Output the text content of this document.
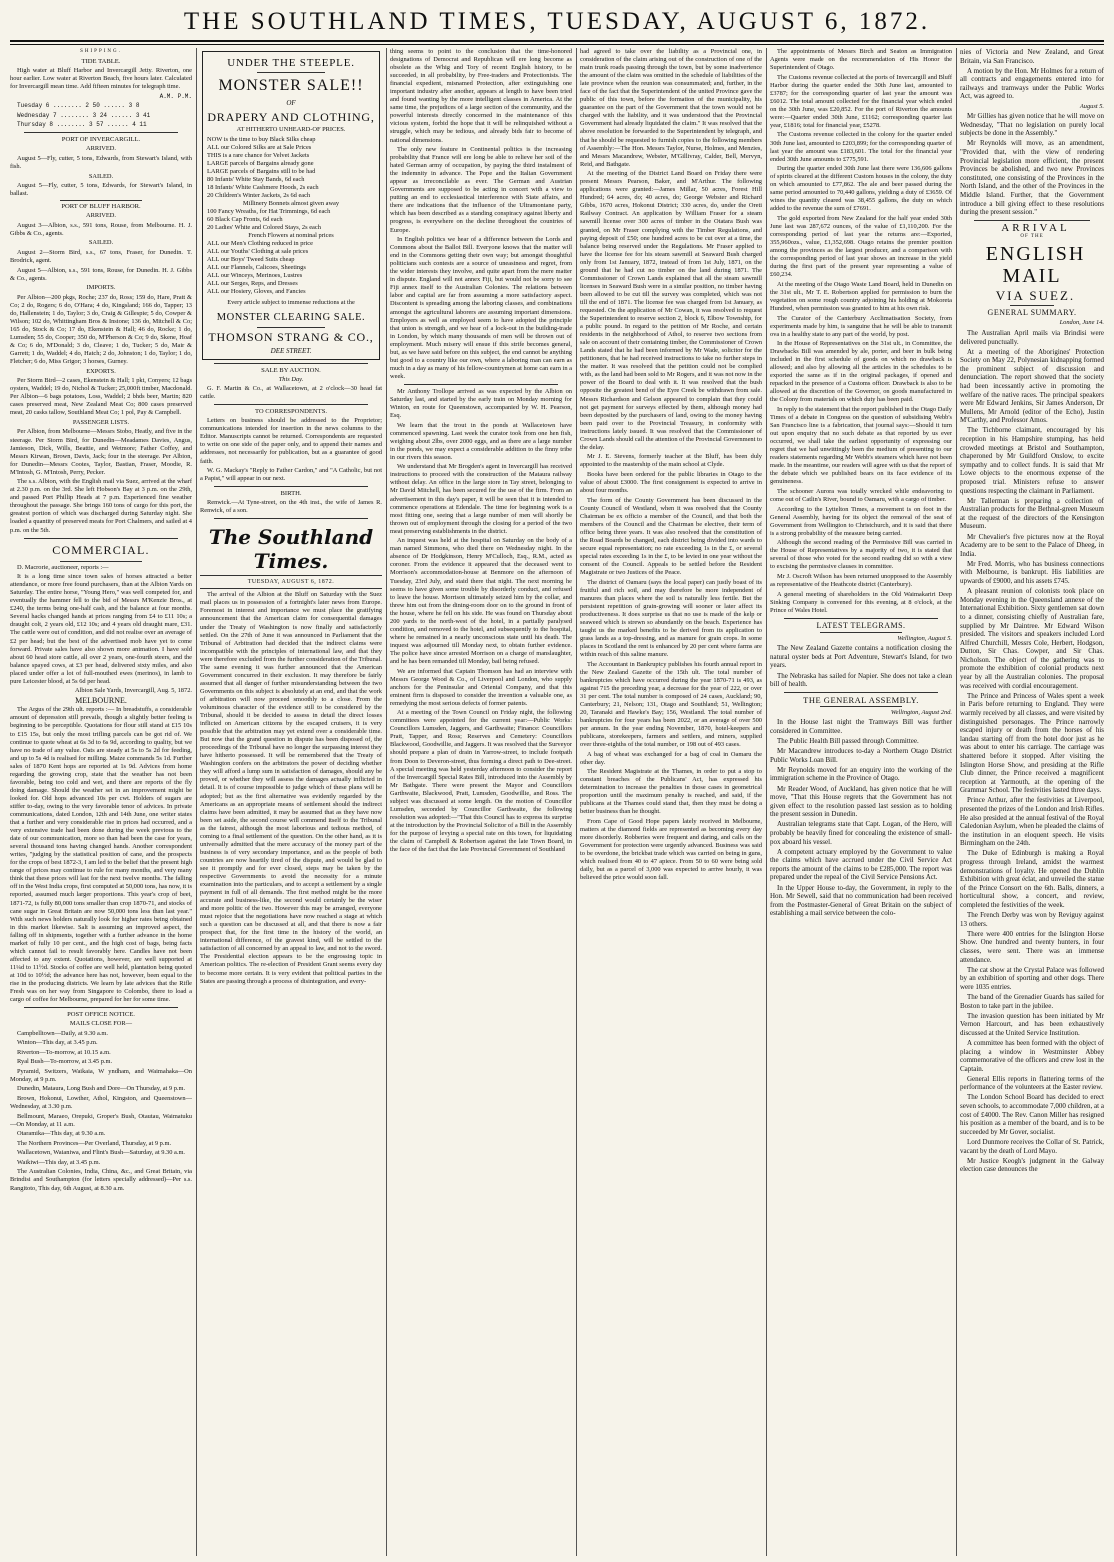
THE SOUTHLAND TIMES, TUESDAY, AUGUST 6, 1872.

SHIPPING.

TIDE TABLE.

High water at Bluff Harbor and Invercargill Jetty. Riverton, one hour earlier. Low water at Riverton Beach, five hours later. Calculated for Invercargill mean time. Add fifteen minutes for telegraph time.

A.M. P.M.

Tuesday 6 ........ 2 50 ...... 3 8

Wednesday 7 ........ 3 24 ...... 3 41

Thursday 8 ........ 3 57 ...... 4 11

PORT OF INVERCARGILL.

ARRIVED.

August 5—Fly, cutter, 5 tons, Edwards, from Stewart's Island, with fish.

SAILED.

August 5—Fly, cutter, 5 tons, Edwards, for Stewart's Island, in ballast.

PORT OF BLUFF HARBOR.

ARRIVED.

August 3—Albion, s.s., 591 tons, Rouse, from Melbourne. H. J. Gibbs & Co., agents.

SAILED.

August 2—Storm Bird, s.s., 67 tons, Fraser, for Dunedin. T. Brodrick, agent.

August 5—Albion, s.s., 591 tons, Rouse, for Dunedin. H. J. Gibbs & Co., agents.

IMPORTS.

Per Albion—200 pkgs, Roche; 237 do, Ross; 159 do, Hare, Pratt & Co; 2 do, Rogers; 6 do, O'Hara; 4 do, Kingsland; 166 do, Tapper; 13 do, Hallenstein; 1 do, Taylor; 3 do, Craig & Gillespie; 5 do, Cowper & Wilson; 102 do, Whittingham Bros & Instone; 136 do, Mitchell & Co; 165 do, Stock & Co; 17 do, Ekenstein & Hall; 46 do, Rocke; 1 do, Lumsden; 55 do, Cooper; 350 do, M'Pherson & Co; 9 do, Skene, Hoaf & Co; 6 do, M'Donald; 3 do, Cleave; 1 do, Tucker; 5 do, Mair & Garrett; 1 do, Waddel; 4 do, Hatch; 2 do, Johnston; 1 do, Taylor; 1 do, Fletcher; 6 do, Miss Grigor; 3 horses, Gurney.

EXPORTS.

Per Storm Bird—2 cases, Ekenstein & Hall; 1 pkt, Conyers; 12 bags oysters, Waddel; 19 do, Nichol & Tucker; 25,000ft timber, Macdonald. Per Albion—6 bags potatoes, Loss, Waddel; 2 bhds beer, Martin; 820 cases preserved meat, New Zealand Meat Co; 800 cases preserved meat, 20 casks tallow, Southland Meat Co; 1 pol, Pay & Campbell.

PASSENGER LISTS.

Per Albion, from Melbourne—Messrs Stobo, Heatly, and five in the steerage. Per Storm Bird, for Dunedin—Meadames Davies, Angus, Jamieson, Dick, Wills, Beattie, and Wetmore; Father Coffey, and Messrs Kirwan, Brown, Davis, Jack; four in the steerage. Per Albion, for Dunedin—Messrs Cootes, Taylor, Bastian, Fraser, Moodie, R. M'Intosh, G. M'Intosh, Perry, Pecker.

The s.s. Albion, with the English mail via Suez, arrived at the wharf at 2.30 p.m. on the 3rd. She left Hobson's Bay at 3 p.m. on the 29th, and passed Port Phillip Heads at 7 p.m. Experienced fine weather throughout the passage. She brings 160 tons of cargo for this port, the greatest portion of which was discharged during Saturday night. She loaded a quantity of preserved meats for Port Chalmers, and sailed at 4 p.m. on the 5th.

COMMERCIAL.

D. Macrorie, auctioneer, reports :—

It is a long time since town sales of horses attracted a better attendance, or more free found purchasers, than at the Albion Yards on Saturday. The entire horse, "Young Hero," was well competed for, and eventually the hammer fell to the bid of Messrs M'Kenzie Bros., at £240, the terms being one-half cash, and the balance at four months. Several hacks changed hands at prices ranging from £4 to £11 10s; a draught colt, 2 years old, £12 10s; and 4 years old draught mare, £31. The cattle were out of condition, and did not realise over an average of £2 per head; but the best of the advertised mob have yet to come forward. Private sales have also shown more animation. I have sold about 60 head store cattle, all over 2 years, one-fourth steers, and the balance spayed cows, at £3 per head, delivered sixty miles, and also placed under offer a lot of full-mouthed ewes (merinos), in lamb to pure Leicester blood, at 5s 6d per head.

Albion Sale Yards, Invercargill, Aug. 5, 1872.

MELBOURNE.

The Argus of the 29th ult. reports :— In breadstuffs, a considerable amount of depression still prevails, though a slightly better feeling is beginning to be perceptible. Quotations for flour still stand at £15 10s to £15 15s, but only the most trifling parcels can be got rid of. We continue to quote wheat at 6s 3d to 6s 9d, according to quality, but we have no trade of any value. Oats are steady at 5s to 5s 2d for feeding, and up to 5s 4d is realised for milling. Maize commands 5s 1d. Further sales of 1870 Kent hops are reported at 1s 9d. Advices from home regarding the growing crop, state that the weather has not been favorable, being too cold and wet, and there are reports of the fly doing damage. Should the weather set in an improvement might be looked for. Old hops advanced 10s per cwt. Holders of sugars are stiffer to-day, owing to the very favorable tenor of advices. In private communications, dated London, 12th and 14th June, one writer states that a further and very considerable rise in prices had occurred, and a very extensive trade had been done during the week previous to the date of our communication, more so than had been the case for years, several thousand tons having changed hands. Another correspondent writes, "judging by the statistical position of cane, and the prospects for the crops of best 1872-3, I am led to the belief that the present high range of prices may continue to rule for many months, and very many think that these prices will last for the next twelve months. The falling off in the West India crops, first computed at 50,000 tons, has now, it is reported, assumed much larger proportions. This year's crop of beet, 1871-72, is fully 80,000 tons smaller than crop 1870-71, and stocks of cane sugar in Great Britain are now 50,000 tons less than last year." With such news holders naturally look for higher rates being obtained in this market likewise. Salt is assuming an improved aspect, the falling off in shipments, together with a further advance in the home market of fully 10 per cent., and the high cost of bags, being facts which cannot fail to result favorably here. Candles have not been affected to any extent. Quotations, however, are well supported at 11¼d to 11½d. Stocks of coffee are well held, plantation being quoted at 10d to 10½d; the advance here has not, however, been equal to the rise in the producing districts. We learn by late advices that the Rifle Fresh was on her way from Singapore to Colombo, there to load a cargo of coffee for Melbourne, prepared for her for some time.

POST OFFICE NOTICE.

MAILS CLOSE FOR—

Campbelltown—Daily, at 9.30 a.m.

Winton—This day, at 3.45 p.m.

Riverton—To-morrow, at 10.15 a.m.

Ryal Bush—To-morrow, at 3.45 p.m.

Pyramid, Switzers, Waikaia, W yndham, and Waimahaka—On Monday, at 9 p.m.

Dunedin, Mataura, Long Bush and Dore—On Thursday, at 9 p.m.

Brown, Hokonui, Lowther, Athol, Kingston, and Queenstown—Wednesday, at 3.30 p.m.

Bellmount, Maraeo, Orepuki, Groper's Bush, Otautau, Waimatuku—On Monday, at 11 a.m.

Otaramika—This day, at 9.30 a.m.

The Northern Provinces—Per Overland, Thursday, at 9 p.m.

Wallacetown, Waianiwa, and Flint's Bush—Saturday, at 9.30 a.m.

Waikiwi—This day, at 3.45 p.m.

The Australian Colonies, India, China, &c., and Great Britain, via Brindisi and Southampton (for letters specially addressed)—Per s.s. Rangitoto, This day, 6th August, at 8.30 a.m.

UNDER THE STEEPLE.
MONSTER SALE!!
OF
DRAPERY AND CLOTHING,

AT HITHERTO UNHEARD-OF PRICES.

NOW is the time to buy Black Silks cheap

ALL our Colored Silks are at Sale Prices

THIS is a rare chance for Velvet Jackets

LARGE parcels of Bargains already gone

LARGE parcels of Bargains still to be had

80 Infants' White Stay Bands, 6d each

18 Infants' White Cashmere Hoods, 2s each

20 Children's Winter Jackets, 2s 6d each

Millinery Bonnets almost given away

100 Fancy Wreaths, for Hat Trimmings, 6d each

60 Black Cap Fronts, 6d each

20 Ladies' White and Colored Stays, 2s each

French Flowers at nominal prices

ALL our Men's Clothing reduced in price

ALL our Youths' Clothing at sale prices

ALL our Boys' Tweed Suits cheap

ALL our Flannels, Calicoes, Sheetings

ALL our Winceys, Merinoes, Lustres

ALL our Serges, Reps, and Dresses

ALL our Hosiery, Gloves, and Fancies

Every article subject to immense reductions at the

MONSTER CLEARING SALE.
THOMSON STRANG & CO.,
DEE STREET.

SALE BY AUCTION.

This Day.

G. F. Martin & Co., at Wallacetown, at 2 o'clock—30 head fat cattle.

TO CORRESPONDENTS.

Letters on business should be addressed to the Proprietor; communications intended for insertion in the news columns to the Editor. Manuscripts cannot be returned. Correspondents are requested to write on one side of the paper only, and to append their names and addresses, not necessarily for publication, but as a guarantee of good faith.

W. G. Mackay's "Reply to Father Cardon," and "A Catholic, but not a Papist," will appear in our next.

BIRTH.

Renwick.—At Tyne-street, on the 4th inst., the wife of James R. Renwick, of a son.

The Southland Times.

TUESDAY, AUGUST 6, 1872.

The arrival of the Albion at the Bluff on Saturday with the Suez mail places us in possession of a fortnight's later news from Europe. Foremost in interest and importance we must place the gratifying announcement that the American claim for consequential damages under the Treaty of Washington is now finally and satisfactorily settled. On the 27th of June it was announced in Parliament that the Tribunal of Arbitration had decided that the indirect claims were incompatible with the principles of international law, and that they were therefore excluded from the further consideration of the Tribunal. The same evening it was further announced that the American Government concurred in their exclusion. It may therefore be fairly assumed that all danger of further misunderstanding between the two Governments on this subject is absolutely at an end, and that the work of arbitration will now proceed smoothly to a close. From the voluminous character of the evidence still to be considered by the Tribunal, should it be decided to assess in detail the direct losses inflicted on American citizens by the escaped cruisers, it is very possible that the arbitration may yet extend over a considerable time. But now that the grand question in dispute has been disposed of, the proceedings of the Tribunal have no longer the surpassing interest they have hitherto possessed. It will be remembered that the Treaty of Washington confers on the arbitrators the power of deciding whether they will afford a lump sum in satisfaction of damages, should any be proved, or whether they will assess the damages actually inflicted in detail. It is of course impossible to judge which of these plans will be adopted; but as the first alternative was evidently regarded by the Americans as an appropriate means of settlement should the indirect claims have been admitted, it may be assumed that as they have now been set aside, the second course will commend itself to the Tribunal as the fairest, although the most laborious and tedious method, of coming to a final settlement of the question. On the other hand, as it is universally admitted that the mere accuracy of the money part of the business is of very secondary importance, and as the people of both countries are now heartily tired of the dispute, and would be glad to see it promptly and for ever closed, steps may be taken by the respective Governments to avoid the necessity for a minute examination into the particulars, and to accept a settlement by a single payment in full of all demands. The first method might be the more accurate and business-like, the second would certainly be the wiser and more politic of the two. However this may be arranged, everyone must rejoice that the negotiations have now reached a stage at which such a question can be discussed at all, and that there is now a fair prospect that, for the first time in the history of the world, an international difference, of the gravest kind, will be settled to the satisfaction of all concerned by an appeal to law, and not to the sword. The Presidential election appears to be the engrossing topic in American politics. The re-election of President Grant seems every day to become more certain. It is very evident that political parties in the States are passing through a process of disintegration, and every-

thing seems to point to the conclusion that the time-honored designations of Democrat and Republican will ere long become as obsolete as the Whig and Tory of recent English history, to be succeeded, in all probability, by Free-traders and Protectionists. The financial expedient, misnamed Protection, after extinguishing one important industry after another, appears at length to have been tried and found wanting by the more intelligent classes in America. At the same time, the prejudices of a large section of the community, and the powerful interests directly concerned in the maintenance of this vicious system, forbid the hope that it will be relinquished without a struggle, which may be tedious, and already bids fair to become of national dimensions.

The only new feature in Continental politics is the increasing probability that France will ere long be able to relieve her soil of the hated German army of occupation, by paying the third instalment of the indemnity in advance. The Pope and the Italian Government appear as irreconcilable as ever. The German and Austrian Governments are supposed to be acting in concert with a view to putting an end to ecclesiastical interference with State affairs, and there are indications that the influence of the Ultramontane party, which has been described as a standing conspiracy against liberty and progress, is everywhere on the decline throughout the countries of Europe.

In English politics we hear of a difference between the Lords and Commons about the Ballot Bill. Everyone knows that the matter will end in the Commons getting their own way; but amongst thoughtful politicians such contests are a source of uneasiness and regret, from the wider interests they involve, and quite apart from the mere matter in dispute. England will not annex Fiji, but would not be sorry to see Fiji annex itself to the Australian Colonies. The relations between labor and capital are far from assuming a more satisfactory aspect. Discontent is spreading among the laboring classes, and combinations amongst the agricultural laborers are assuming important dimensions. Employers as well as employed seem to have adopted the principle that union is strength, and we hear of a lock-out in the building-trade in London, by which many thousands of men will be thrown out of employment. Much misery will ensue if this strife becomes general, but, as we have said before on this subject, the end cannot be anything but good to a country like our own, where a laboring man can earn as much in a day as many of his fellow-countrymen at home can earn in a week.

Mr Anthony Trollope arrived as was expected by the Albion on Saturday last, and started by the early train on Monday morning for Winton, en route for Queenstown, accompanied by W. H. Pearson, Esq.

We learn that the trout in the ponds at Wallacetown have commenced spawning. Last week the curator took from one hen fish, weighing about 2lbs, over 2000 eggs, and as there are a large number in the ponds, we may expect a considerable addition to the finny tribe in our rivers this season.

We understand that Mr Brogden's agent in Invercargill has received instructions to proceed with the construction of the Mataura railway without delay. An office in the large store in Tay street, belonging to Mr David Mitchell, has been secured for the use of the firm. From an advertisement in this day's paper, it will be seen that it is intended to commence operations at Edendale. The time for beginning work is a most fitting one, seeing that a large number of men will shortly be thrown out of employment through the closing for a period of the two meat preserving establishments in the district.

An inquest was held at the hospital on Saturday on the body of a man named Simmons, who died there on Wednesday night. In the absence of Dr Hodgkinson, Henry M'Culloch, Esq., R.M., acted as coroner. From the evidence it appeared that the deceased went to Morrison's accommodation-house at Benmore on the afternoon of Tuesday, 23rd July, and staid there that night. The next morning he seems to have given some trouble by disorderly conduct, and refused to leave the house. Morrison ultimately seized him by the collar, and threw him out from the dining-room door on to the ground in front of the house, where he fell on his side. He was found on Thursday about 200 yards to the north-west of the hotel, in a partially paralysed condition, and removed to the hotel, and subsequently to the hospital, where he remained in a nearly unconscious state until his death. The inquest was adjourned till Monday next, to obtain further evidence. The police have since arrested Morrison on a charge of manslaughter, and he has been remanded till Monday, bail being refused.

We are informed that Captain Thomson has had an interview with Messrs George Wood & Co., of Liverpool and London, who supply anchors for the Peninsular and Oriental Company, and that this eminent firm is disposed to consider the invention a valuable one, as remedying the most serious defects of former patents.

At a meeting of the Town Council on Friday night, the following committees were appointed for the current year:—Public Works: Councillors Lumsden, Jaggers, and Garthwaite; Finance: Councillors Pratt, Tapper, and Ross; Reserves and Cemetery: Councillors Blackwood, Goodwillie, and Jaggers. It was resolved that the Surveyor should prepare a plan of drain in Yarrow-street, to include footpath from Doon to Deveron-street, thus forming a direct path to Dee-street. A special meeting was held yesterday afternoon to consider the report of the Invercargill Special Rates Bill, introduced into the Assembly by Mr Bathgate. There were present the Mayor and Councillors Garthwaite, Blackwood, Pratt, Lumsden, Goodwillie, and Ross. The subject was discussed at some length. On the motion of Councillor Lumsden, seconded by Councillor Garthwaite, the following resolution was adopted:—"That this Council has to express its surprise at the introduction by the Provincial Solicitor of a Bill in the Assembly for the purpose of levying a special rate on this town, for liquidating the claim of Campbell & Robertson against the late Town Board, in the face of the fact that the late Provincial Government of Southland

had agreed to take over the liability as a Provincial one, in consideration of the claim arising out of the construction of one of the main trunk roads passing through the town, but by some inadvertence the amount of the claim was omitted in the schedule of liabilities of the late province when the reunion was consummated; and, further, in the face of the fact that the Superintendent of the united Province gave the public of this town, before the formation of the municipality, his guarantee on the part of the Government that the town would not be charged with the liability, and it was understood that the Provincial Government had already liquidated the claim." It was resolved that the above resolution be forwarded to the Superintendent by telegraph, and that he should be requested to furnish copies to the following members of Assembly:—The Hon. Messrs Taylor, Nurse, Holmes, and Menzies, and Messrs Macandrew, Webster, M'Gillivray, Calder, Bell, Mervyn, Reid, and Bathgate.

At the meeting of the District Land Board on Friday there were present Messrs Pearson, Baker, and M'Arthur. The following applications were granted:—James Millar, 50 acres, Forest Hill Hundred; 64 acres, do; 40 acres, do; George Webster and Richard Gibbs, 1670 acres, Hokonui District; 330 acres, do, under the Oreti Railway Contract. An application by William Fraser for a steam sawmill license over 300 acres of timber in the Otatara Bush was granted, on Mr Fraser complying with the Timber Regulations, and paying deposit of £50; one hundred acres to be cut over at a time, the balance being reserved under the Regulations. Mr Fraser applied to have the license fee for his steam sawmill at Seaward Bush charged only from 1st January, 1872, instead of from 1st July, 1871, on the ground that he had cut no timber on the land during 1871. The Commissioner of Crown Lands explained that all the steam sawmill licenses in Seaward Bush were in a similar position, no timber having been allowed to be cut till the survey was completed, which was not till the end of 1871. The license fee was charged from 1st January, as requested. On the application of Mr Cowan, it was resolved to request the Superintendent to reserve section 2, block 6, Elbow Township, for a public pound. In regard to the petition of Mr Roche, and certain residents in the neighborhood of Athol, to reserve two sections from sale on account of their containing timber, the Commissioner of Crown Lands stated that he had been informed by Mr Wade, solicitor for the petitioners, that he had received instructions to take no further steps in the matter. It was resolved that the petition could not be complied with, as the land had been sold to Mr Rogers, and it was not now in the power of the Board to deal with it. It was resolved that the bush opposite the greatest bend of the Eyre Creek be withdrawn from sale. Messrs Richardson and Gelson appeared to complain that they could not get payment for surveys effected by them, although money had been deposited by the purchasers of land, owing to the money having been paid over to the Provincial Treasury, in conformity with instructions lately issued. It was resolved that the Commissioner of Crown Lands should call the attention of the Provincial Government to the delay.

Mr J. E. Stevens, formerly teacher at the Bluff, has been duly appointed to the mastership of the main school at Clyde.

Books have been ordered for the public libraries in Otago to the value of about £3000. The first consignment is expected to arrive in about four months.

The form of the County Government has been discussed in the County Council of Westland, when it was resolved that the County Chairman be ex officio a member of the Council, and that both the members of the Council and the Chairman be elective, their term of office being three years. It was also resolved that the constitution of the Road Boards be changed, each district being divided into wards to secure equal representation; no rate exceeding 1s in the £, or several special rates exceeding 1s in the £, to be levied in one year without the consent of the Council. Appeals to be settled before the Resident Magistrate or two Justices of the Peace.

The district of Oamaru (says the local paper) can justly boast of its fruitful and rich soil, and may therefore be more independent of manures than places where the soil is naturally less fertile. But the persistent repetition of grain-growing will sooner or later affect its productiveness. It does surprise us that no use is made of the kelp or seaweed which is strewn so abundantly on the beach. Experience has taught us the marked benefits to be derived from its application to grass lands as a top-dressing, and as manure for grain crops. In some places in Scotland the rent is enhanced by 20 per cent where farms are within reach of this saline manure.

The Accountant in Bankruptcy publishes his fourth annual report in the New Zealand Gazette of the 15th ult. The total number of bankruptcies which have occurred during the year 1870-71 is 493, as against 715 the preceding year, a decrease for the year of 222, or over 31 per cent. The total number is composed of 24 cases, Auckland; 90, Canterbury; 21, Nelson; 131, Otago and Southland; 51, Wellington; 20, Taranaki and Hawke's Bay; 156, Westland. The total number of bankruptcies for four years has been 2022, or an average of over 500 per annum. In the year ending November, 1870, hotel-keepers and publicans, storekeepers, farmers and settlers, and miners, supplied over three-eighths of the total number, or 198 out of 493 cases.

A bag of wheat was exchanged for a bag of coal in Oamaru the other day.

The Resident Magistrate at the Thames, in order to put a stop to constant breaches of the Publicans' Act, has expressed his determination to increase the penalties in those cases in geometrical proportion until the maximum penalty is reached, and said, if the publicans at the Thames could stand that, then they must be doing a better business than he thought.

From Cape of Good Hope papers lately received in Melbourne, matters at the diamond fields are represented as becoming every day more disorderly. Robberies were frequent and daring, and calls on the Government for protection were urgently advanced. Business was said to be overdone, the brickbat trade which was carried on being in guns, which realised from 40 to 47 apiece. From 50 to 60 were being sold daily, but as a parcel of 3,000 was expected to arrive hourly, it was believed the price would soon fall.

The appointments of Messrs Birch and Seaton as Immigration Agents were made on the recommendation of His Honor the Superintendent of Otago.

The Customs revenue collected at the ports of Invercargill and Bluff Harbor during the quarter ended the 30th June last, amounted to £3787; for the corresponding quarter of last year the amount was £6012. The total amount collected for the financial year which ended on the 30th June, was £20,852. For the port of Riverton the amounts were:—Quarter ended 30th June, £1162; corresponding quarter last year, £1816; total for financial year, £5278.

The Customs revenue collected in the colony for the quarter ended 30th June last, amounted to £203,899; for the corresponding quarter of last year the amount was £183,601. The total for the financial year ended 30th June amounts to £775,591.

During the quarter ended 30th June last there were 136,606 gallons of spirits cleared at the different Custom houses in the colony, the duty on which amounted to £77,862. The ale and beer passed during the same period amounted to 70,440 gallons, yielding a duty of £3659. Of wines the quantity cleared was 38,455 gallons, the duty on which added to the revenue the sum of £7691.

The gold exported from New Zealand for the half year ended 30th June last was 287,672 ounces, of the value of £1,110,200. For the corresponding period of last year the returns are:—Exported, 355,960ozs., value, £1,352,698. Otago retains the premier position among the provinces as the largest producer, and a comparison with the corresponding period of last year shows an increase in the yield during the first part of the present year representing a value of £60,234.

At the meeting of the Otago Waste Land Board, held in Dunedin on the 31st ult., Mr T. E. Robertson applied for permission to burn the vegetation on some rough country adjoining his holding at Mokoreta Hundred, when permission was granted to him at his own risk.

The Curator of the Canterbury Acclimatisation Society, from experiments made by him, is sanguine that he will be able to transmit ova in a healthy state to any part of the world, by post.

In the House of Representatives on the 31st ult., in Committee, the Drawbacks Bill was amended by ale, porter, and beer in bulk being included in the first schedule of goods on which no drawback is allowed; and also by allowing all the articles in the schedules to be exported the same as if in the original packages, if opened and repacked in the presence of a Customs officer. Drawback is also to be allowed at the discretion of the Governor, on goods manufactured in the Colony from materials on which duty has been paid.

In reply to the statement that the report published in the Otago Daily Times of a debate in Congress on the question of subsidising Webb's San Francisco line is a fabrication, that journal says:—Should it turn out upon enquiry that no such debate as that reported by us ever occurred, we shall take the earliest opportunity of expressing our regret that we had unwittingly been the medium of presenting to our readers statements regarding Mr Webb's steamers which have not been made. In the meantime, our readers will agree with us that the report of the debate which we published bears on its face evidence of its genuineness.

The schooner Aurora was totally wrecked while endeavoring to come out of Catlin's River, bound to Oamaru, with a cargo of timber.

According to the Lyttelton Times, a movement is on foot in the General Assembly, having for its object the removal of the seat of Government from Wellington to Christchurch, and it is said that there is a strong probability of the measure being carried.

Although the second reading of the Permissive Bill was carried in the House of Representatives by a majority of two, it is stated that several of those who voted for the second reading did so with a view to excising the permissive clauses in committee.

Mr J. Oscroft Wilson has been returned unopposed to the Assembly as representative of the Heathcote district (Canterbury).

A general meeting of shareholders in the Old Waimakariri Deep Sinking Company is convened for this evening, at 8 o'clock, at the Prince of Wales Hotel.

LATEST TELEGRAMS.

Wellington, August 5.

The New Zealand Gazette contains a notification closing the natural oyster beds at Port Adventure, Stewart's Island, for two years.

The Nebraska has sailed for Napier. She does not take a clean bill of health.

THE GENERAL ASSEMBLY.

Wellington, August 2nd.

In the House last night the Tramways Bill was further considered in Committee.

The Public Health Bill passed through Committee.

Mr Macandrew introduces to-day a Northern Otago District Public Works Loan Bill.

Mr Reynolds moved for an enquiry into the working of the immigration scheme in the Province of Otago.

Mr Reader Wood, of Auckland, has given notice that he will move, "That this House regrets that the Government has not given effect to the resolution passed last session as to holding the present session in Dunedin.

Australian telegrams state that Capt. Logan, of the Hero, will probably be heavily fined for concealing the existence of small-pox aboard his vessel.

A competent actuary employed by the Government to value the claims which have accrued under the Civil Service Act reports the amount of the claims to be £285,000. The report was prepared under the repeal of the Civil Service Pensions Act.

In the Upper House to-day, the Government, in reply to the Hon. Mr Sewell, said that no communication had been received from the Postmaster-General of Great Britain on the subject of establishing a mail service between the colo-

nies of Victoria and New Zealand, and Great Britain, via San Francisco.

A motion by the Hon. Mr Holmes for a return of all contracts and engagements entered into for railways and tramways under the Public Works Act, was agreed to.

August 5.

Mr Gillies has given notice that he will move on Wednesday, "That no legislation on purely local subjects be done in the Assembly."

Mr Reynolds will move, as an amendment, "Provided that, with the view of rendering Provincial legislation more efficient, the present Provinces be abolished, and two new Provinces constituted, one consisting of the Provinces in the North Island, and the other of the Provinces in the Middle Island. Further, that the Government introduce a bill giving effect to these resolutions during the present session."

ARRIVAL

OF THE

ENGLISH MAIL

VIA SUEZ.

GENERAL SUMMARY.

London, June 14.

The Australian April mails via Brindisi were delivered punctually.

At a meeting of the Aborigines' Protection Society on May 22, Polynesian kidnapping formed the prominent subject of discussion and denunciation. The report showed that the society had been incessantly active in promoting the welfare of the native races. The principal speakers were Mr Edward Jenkins, Sir James Anderson, Dr Mullens, Mr Arnold (editor of the Echo), Justin M'Carthy, and Professor Amos.

The Tichborne claimant, encouraged by his reception in his Hampshire stumping, has held crowded meetings at Bristol and Southampton, chaperoned by Mr Guildford Onslow, to excite sympathy and to collect funds. It is said that Mr Lowe objects to the enormous expense of the proposed trial. Ministers refuse to answer questions respecting the claimant in Parliament.

Mr Tallerman is preparing a collection of Australian products for the Bethnal-green Museum at the request of the directors of the Kensington Museum.

Mr Chevalier's five pictures now at the Royal Academy are to be sent to the Palace of Dheeg, in India.

Mr Fred. Morris, who has business connections with Melbourne, is bankrupt. His liabilities are upwards of £9000, and his assets £745.

A pleasant reunion of colonists took place on Monday evening in the Queensland annexe of the International Exhibition. Sixty gentlemen sat down to a dinner, consisting chiefly of Australian fare, supplied by Mr Daintree. Mr Edward Wilson presided. The visitors and speakers included Lord Alfred Churchill, Messrs Cole, Herbert, Hodgson, Dutton, Sir Chas. Cowper, and Sir Chas. Nicholson. The object of the gathering was to promote the exhibition of colonial products next year by all the Australian colonies. The proposal was received with cordial encouragement.

The Prince and Princess of Wales spent a week in Paris before returning to England. They were warmly received by all classes, and were visited by distinguished personages. The Prince narrowly escaped injury or death from the horses of his landau starting off from the hotel door just as he was about to enter his carriage. The carriage was shattered before it stopped. After visiting the Islington Horse Show, and presiding at the Rifle Club dinner, the Prince received a magnificent reception at Yarmouth, at the opening of the Grammar School. The festivities lasted three days.

Prince Arthur, after the festivities at Liverpool, presented the prizes of the London and Irish Rifles. He also presided at the annual festival of the Royal Caledonian Asylum, when he pleaded the claims of the institution in an eloquent speech. He visits Birmingham on the 24th.

The Duke of Edinburgh is making a Royal progress through Ireland, amidst the warmest demonstrations of loyalty. He opened the Dublin Exhibition with great éclat, and unveiled the statue of the Prince Consort on the 6th. Balls, dinners, a horticultural show, a concert, and review, completed the festivities of the week.

The French Derby was won by Reviguy against 13 others.

There were 400 entries for the Islington Horse Show. One hundred and twenty hunters, in four classes, were sent. There was an immense attendance.

The cat show at the Crystal Palace was followed by an exhibition of sporting and other dogs. There were 1035 entries.

The band of the Grenadier Guards has sailed for Boston to take part in the jubilee.

The invasion question has been initiated by Mr Vernon Harcourt, and has been exhaustively discussed at the United Service Institution.

A committee has been formed with the object of placing a window in Westminster Abbey commemorative of the officers and crew lost in the Captain.

General Ellis reports in flattering terms of the performance of the volunteers at the Easter review.

The London School Board has decided to erect seven schools, to accommodate 7,000 children, at a cost of £4000. The Rev. Canon Miller has resigned his position as a member of the board, and is to be succeeded by Mr Gover, socialist.

Lord Dunmore receives the Collar of St. Patrick, vacant by the death of Lord Mayo.

Mr Justice Keogh's judgment in the Galway election case denounces the
